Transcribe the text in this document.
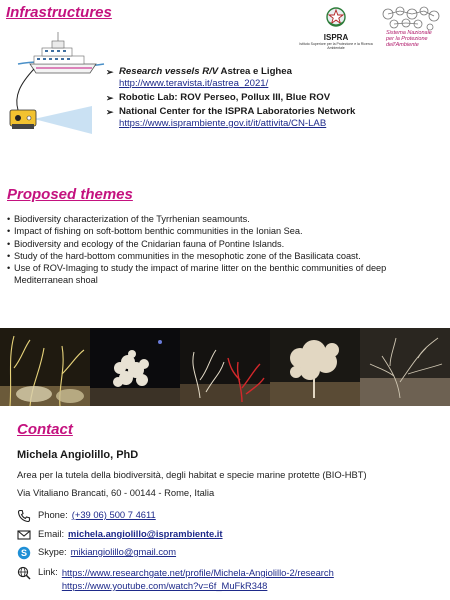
Infrastructures
ISPRA
Istituto Superiore per la Protezione e la Ricerca Ambientale
Sistema Nazionale
per la Protezione
dell'Ambiente
➢ Research vessels R/V Astrea e Lighea
http://www.teravista.it/astrea_2021/
➢ Robotic Lab: ROV Perseo, Pollux III, Blue ROV
➢ National Center for the ISPRA Laboratories Network
https://www.isprambiente.gov.it/it/attivita/CN-LAB
Proposed themes
• Biodiversity characterization of the Tyrrhenian seamounts.
• Impact of fishing on soft-bottom benthic communities in the Ionian Sea.
• Biodiversity and ecology of the Cnidarian fauna of Pontine Islands.
• Study of the hard-bottom communities in the mesophotic zone of the Basilicata coast.
• Use of ROV-Imaging to study the impact of marine litter on the benthic communities of deep Mediterranean shoal
Contact
Michela Angiolillo, PhD
Area per la tutela della biodiversità, degli habitat e specie marine protette (BIO-HBT)
Via Vitaliano Brancati, 60 - 00144 - Rome, Italia
Phone: (+39 06) 500 7 4611
Email: michela.angiolillo@isprambiente.it
S Skype: mikiangiolillo@gmail.com
Link: https://www.researchgate.net/profile/Michela-Angiolillo-2/research
https://www.youtube.com/watch?v=6f_MuFkR348
